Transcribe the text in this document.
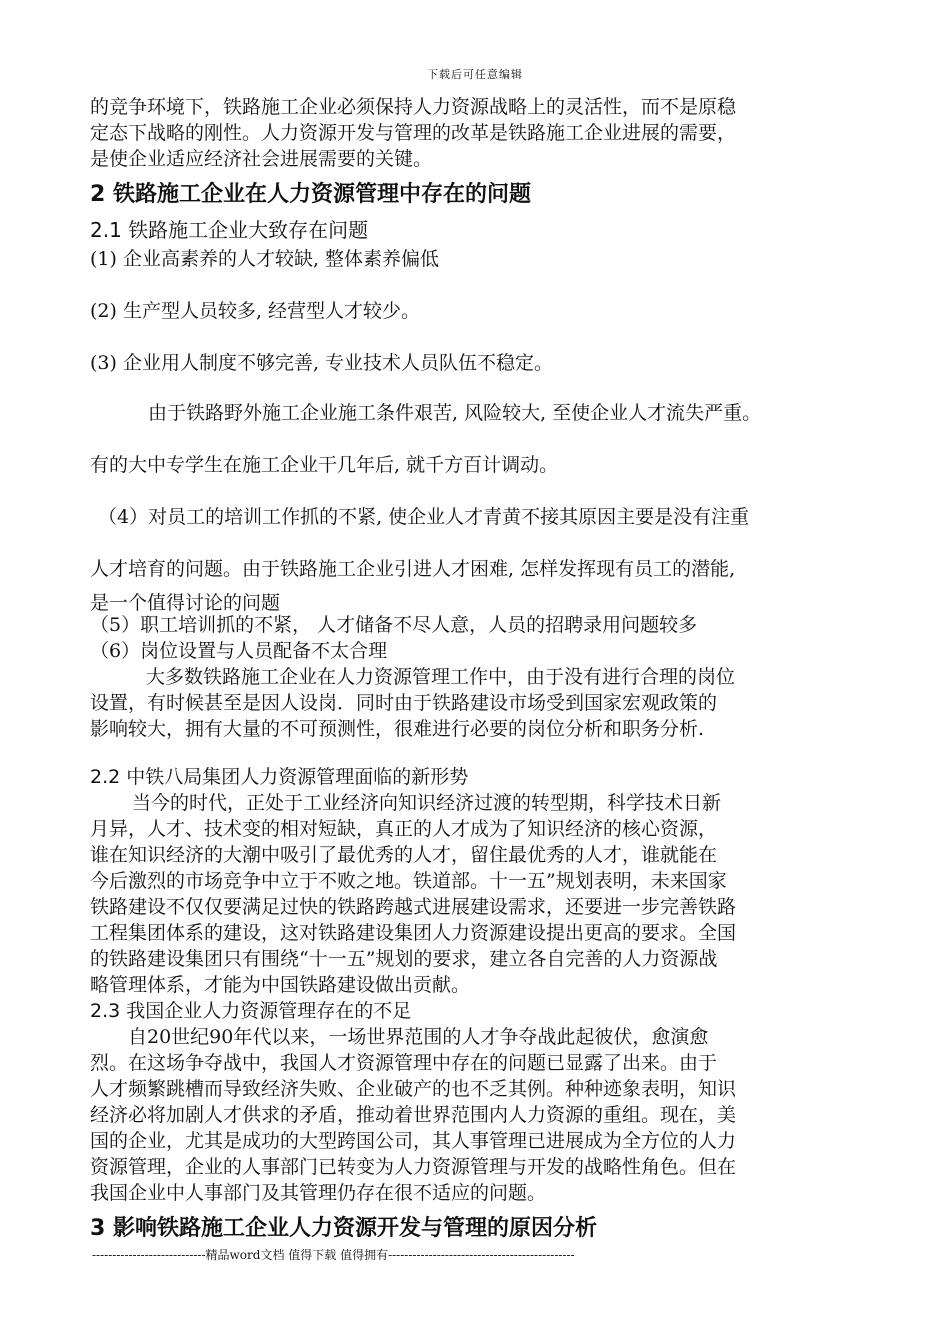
下载后可任意编辑
的竞争环境下，铁路施工企业必须保持人力资源战略上的灵活性，而不是原稳
定态下战略的刚性。人力资源开发与管理的改革是铁路施工企业进展的需要，
是使企业适应经济社会进展需要的关键。
2 铁路施工企业在人力资源管理中存在的问题
2.1 铁路施工企业大致存在问题
(1) 企业高素养的人才较缺, 整体素养偏低
(2) 生产型人员较多, 经营型人才较少。
(3) 企业用人制度不够完善, 专业技术人员队伍不稳定。
由于铁路野外施工企业施工条件艰苦, 风险较大, 至使企业人才流失严重。
有的大中专学生在施工企业干几年后, 就千方百计调动。
（4）对员工的培训工作抓的不紧, 使企业人才青黄不接其原因主要是没有注重
人才培育的问题。由于铁路施工企业引进人才困难, 怎样发挥现有员工的潜能,
是一个值得讨论的问题
（5）职工培训抓的不紧， 人才储备不尽人意，人员的招聘录用问题较多
（6）岗位设置与人员配备不太合理
大多数铁路施工企业在人力资源管理工作中，由于没有进行合理的岗位
设置，有时候甚至是因人设岗．同时由于铁路建设市场受到国家宏观政策的
影响较大，拥有大量的不可预测性，很难进行必要的岗位分析和职务分析.
2.2 中铁八局集团人力资源管理面临的新形势
当今的时代，正处于工业经济向知识经济过渡的转型期，科学技术日新
月异，人才、技术变的相对短缺，真正的人才成为了知识经济的核心资源，
谁在知识经济的大潮中吸引了最优秀的人才，留住最优秀的人才，谁就能在
今后激烈的市场竞争中立于不败之地。铁道部。十一五”规划表明，未来国家
铁路建设不仅仅要满足过快的铁路跨越式进展建设需求，还要进一步完善铁路
工程集团体系的建设，这对铁路建设集团人力资源建设提出更高的要求。全国
的铁路建设集团只有围绕“十一五”规划的要求，建立各自完善的人力资源战
略管理体系，才能为中国铁路建设做出贡献。
2.3 我国企业人力资源管理存在的不足
自20世纪90年代以来，一场世界范围的人才争夺战此起彼伏，愈演愈
烈。在这场争夺战中，我国人才资源管理中存在的问题已显露了出来。由于
人才频繁跳槽而导致经济失败、企业破产的也不乏其例。种种迹象表明，知识
经济必将加剧人才供求的矛盾，推动着世界范围内人力资源的重组。现在，美
国的企业，尤其是成功的大型跨国公司，其人事管理已进展成为全方位的人力
资源管理，企业的人事部门已转变为人力资源管理与开发的战略性角色。但在
我国企业中人事部门及其管理仍存在很不适应的问题。
3 影响铁路施工企业人力资源开发与管理的原因分析
----------------------------精品word文档 值得下载 值得拥有----------------------------------------------
